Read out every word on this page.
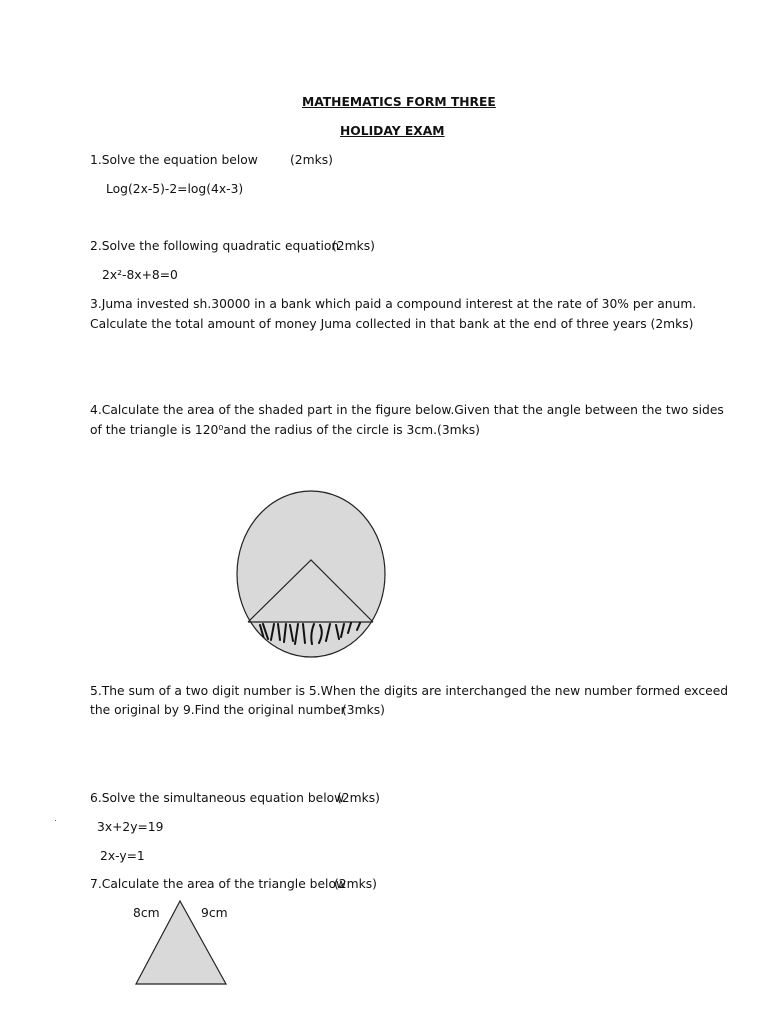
MATHEMATICS FORM THREE
HOLIDAY EXAM
1.Solve the equation below	(2mks)
Log(2x-5)-2=log(4x-3)
2.Solve the following quadratic equation
(2mks)
2x²-8x+8=0
3.Juma invested sh.30000 in a bank which paid a compound interest at the rate of 30% per anum.
Calculate the total amount of money Juma collected in that bank at the end of three years (2mks)
4.Calculate the area of the shaded part in the figure below.Given that the angle between the two sides
of the triangle is 120⁰and the radius of the circle is 3cm.(3mks)
5.The sum of a two digit number is 5.When the digits are interchanged the new number formed exceed
the original by 9.Find the original number
(3mks)
6.Solve the simultaneous equation below
(2mks)
3x+2y=19
2x-y=1
7.Calculate the area of the triangle below
(2mks)
8cm	9cm
